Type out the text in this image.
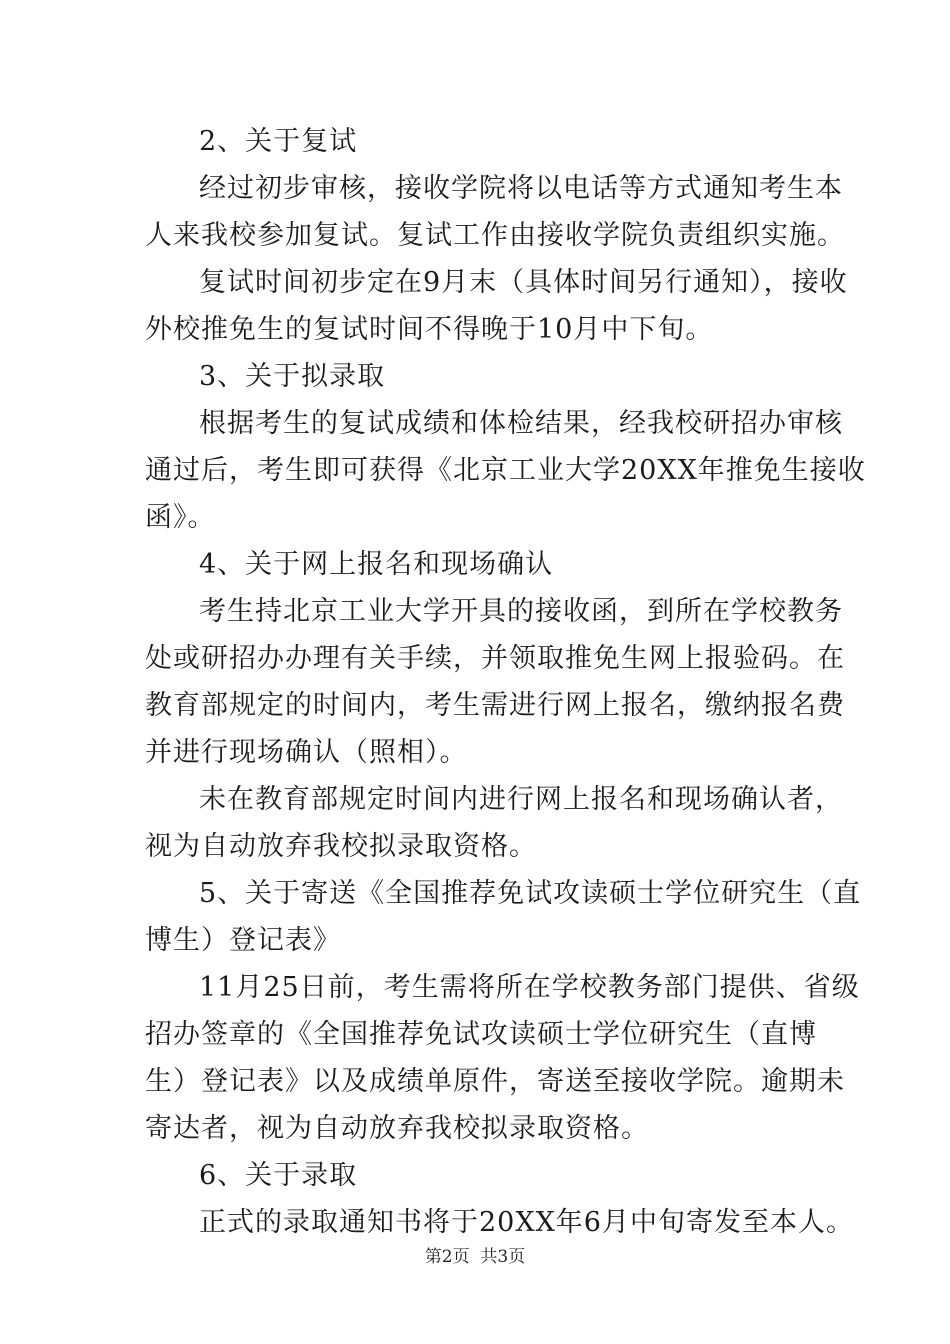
2、关于复试
经过初步审核，接收学院将以电话等方式通知考生本
人来我校参加复试。复试工作由接收学院负责组织实施。
复试时间初步定在9月末（具体时间另行通知），接收
外校推免生的复试时间不得晚于10月中下旬。
3、关于拟录取
根据考生的复试成绩和体检结果，经我校研招办审核
通过后，考生即可获得《北京工业大学20XX年推免生接收
函》。
4、关于网上报名和现场确认
考生持北京工业大学开具的接收函，到所在学校教务
处或研招办办理有关手续，并领取推免生网上报验码。在
教育部规定的时间内，考生需进行网上报名，缴纳报名费
并进行现场确认（照相）。
未在教育部规定时间内进行网上报名和现场确认者，
视为自动放弃我校拟录取资格。
5、关于寄送《全国推荐免试攻读硕士学位研究生（直
博生）登记表》
11月25日前，考生需将所在学校教务部门提供、省级
招办签章的《全国推荐免试攻读硕士学位研究生（直博
生）登记表》以及成绩单原件，寄送至接收学院。逾期未
寄达者，视为自动放弃我校拟录取资格。
6、关于录取
正式的录取通知书将于20XX年6月中旬寄发至本人。
第2页  共3页
